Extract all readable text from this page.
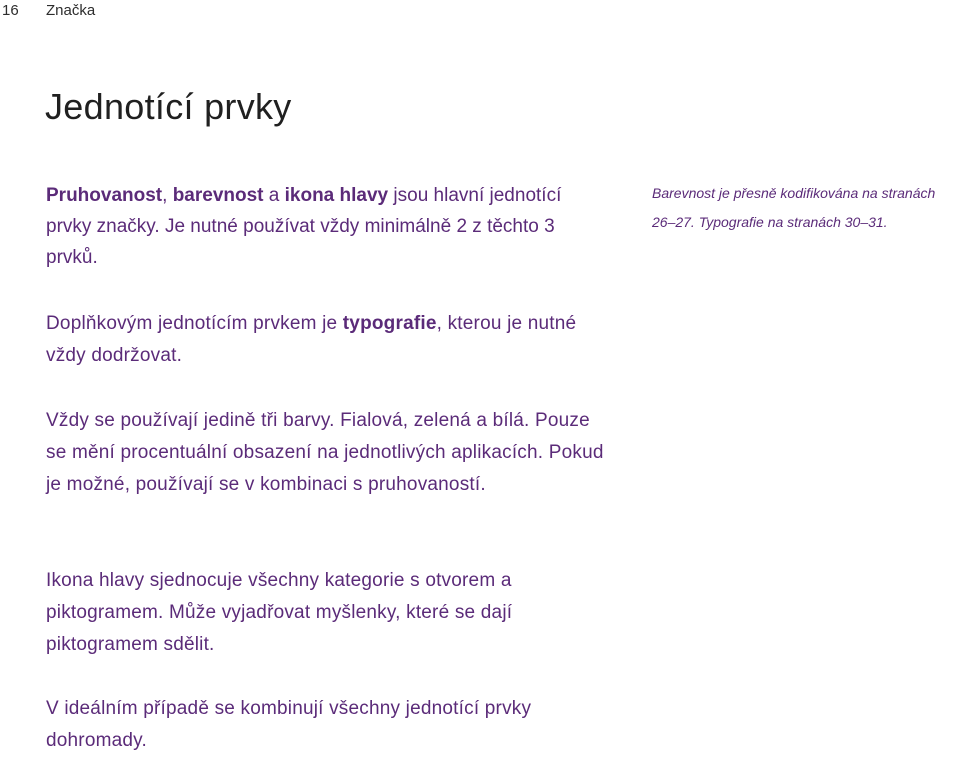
16 Značka
Jednotící prvky

Pruhovanost, barevnost a ikona hlavy jsou hlavní jednotící prvky značky. Je nutné používat vždy minimálně 2 z těchto 3 prvků.

Barevnost je přesně kodifikována na stranách
26–27. Typografie na stranách 30–31.

Doplňkovým jednotícím prvkem je typografie, kterou je nutné vždy dodržovat.

Vždy se používají jedině tři barvy. Fialová, zelená a bílá. Pouze se mění procentuální obsazení na jednotlivých aplikacích. Pokud je možné, používají se v kombinaci s pruhovaností.

Ikona hlavy sjednocuje všechny kategorie s otvorem a piktogramem. Může vyjadřovat myšlenky, které se dají piktogramem sdělit.

V ideálním případě se kombinují všechny jednotící prvky dohromady.
